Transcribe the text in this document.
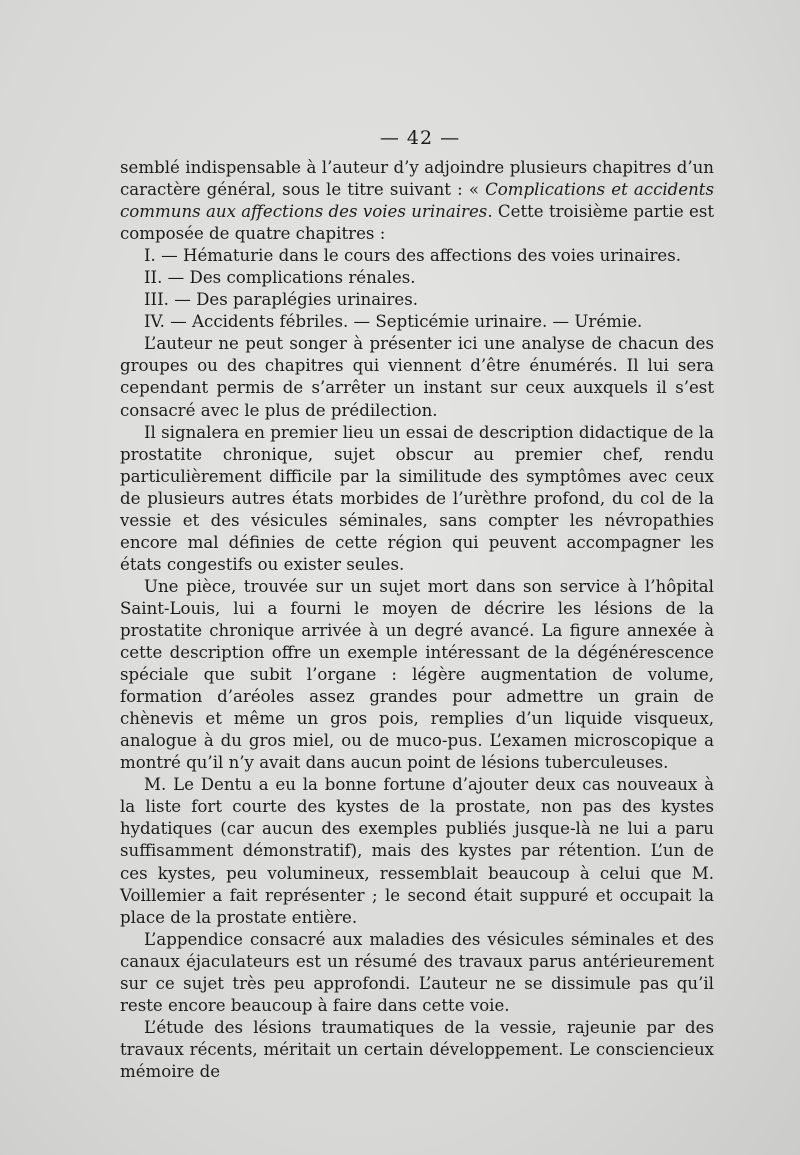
— 42 —

semblé indispensable à l’auteur d’y adjoindre plusieurs chapitres d’un caractère général, sous le titre suivant : « Complications et accidents communs aux affections des voies urinaires. Cette troisième partie est composée de quatre chapitres :

I. — Hématurie dans le cours des affections des voies urinaires.
II. — Des complications rénales.
III. — Des paraplégies urinaires.
IV. — Accidents fébriles. — Septicémie urinaire. — Urémie.

L’auteur ne peut songer à présenter ici une analyse de chacun des groupes ou des chapitres qui viennent d’être énumérés. Il lui sera cependant permis de s’arrêter un instant sur ceux auxquels il s’est consacré avec le plus de prédilection.

Il signalera en premier lieu un essai de description didactique de la prostatite chronique, sujet obscur au premier chef, rendu particulièrement difficile par la similitude des symptômes avec ceux de plusieurs autres états morbides de l’urèthre profond, du col de la vessie et des vésicules séminales, sans compter les névropathies encore mal définies de cette région qui peuvent accompagner les états congestifs ou exister seules.

Une pièce, trouvée sur un sujet mort dans son service à l’hôpital Saint-Louis, lui a fourni le moyen de décrire les lésions de la prostatite chronique arrivée à un degré avancé. La figure annexée à cette description offre un exemple intéressant de la dégénérescence spéciale que subit l’organe : légère augmentation de volume, formation d’aréoles assez grandes pour admettre un grain de chènevis et même un gros pois, remplies d’un liquide visqueux, analogue à du gros miel, ou de muco-pus. L’examen microscopique a montré qu’il n’y avait dans aucun point de lésions tuberculeuses.

M. Le Dentu a eu la bonne fortune d’ajouter deux cas nouveaux à la liste fort courte des kystes de la prostate, non pas des kystes hydatiques (car aucun des exemples publiés jusque-là ne lui a paru suffisamment démonstratif), mais des kystes par rétention. L’un de ces kystes, peu volumineux, ressemblait beaucoup à celui que M. Voillemier a fait représenter ; le second était suppuré et occupait la place de la prostate entière.

L’appendice consacré aux maladies des vésicules séminales et des canaux éjaculateurs est un résumé des travaux parus antérieurement sur ce sujet très peu approfondi. L’auteur ne se dissimule pas qu’il reste encore beaucoup à faire dans cette voie.

L’étude des lésions traumatiques de la vessie, rajeunie par des travaux récents, méritait un certain développement. Le consciencieux mémoire de
